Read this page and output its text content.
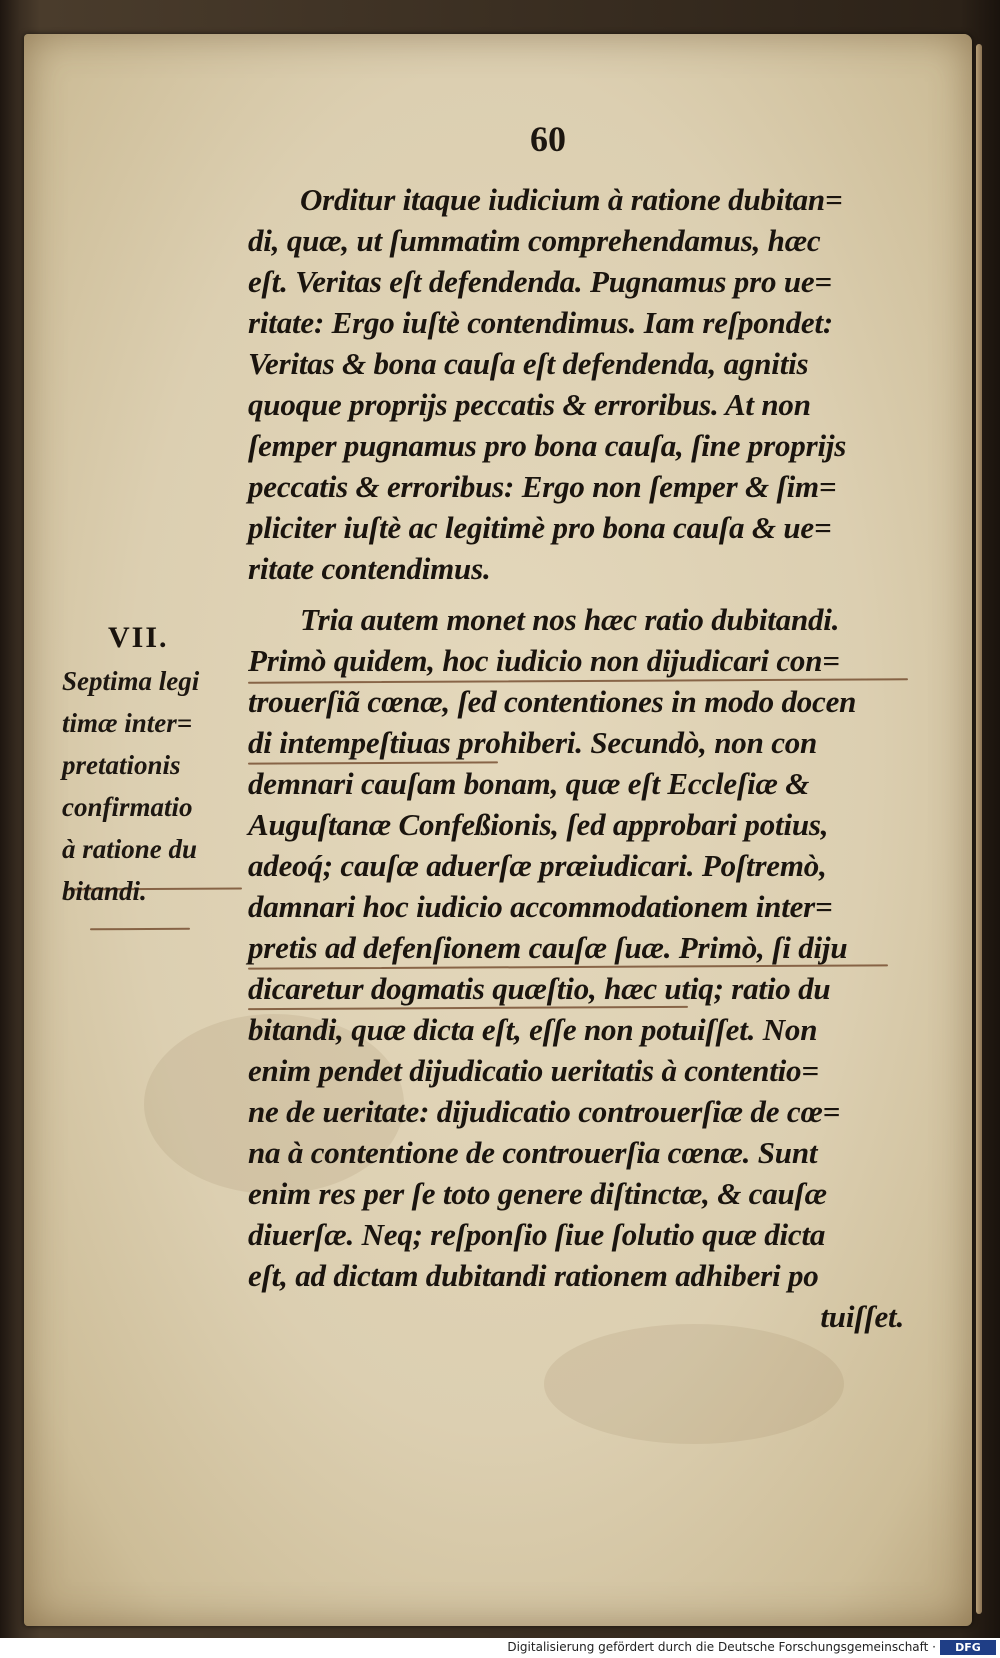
60
Orditur itaque iudicium à ratione dubitan=
di, quæ, ut ſummatim comprehendamus, hæc
eſt. Veritas eſt defendenda. Pugnamus pro ue=
ritate: Ergo iuſtè contendimus. Iam reſpondet:
Veritas & bona cauſa eſt defendenda, agnitis
quoque proprijs peccatis & erroribus. At non
ſemper pugnamus pro bona cauſa, ſine proprijs
peccatis & erroribus: Ergo non ſemper & ſim=
pliciter iuſtè ac legitimè pro bona cauſa & ue=
ritate contendimus.
Tria autem monet nos hæc ratio dubitandi.
Primò quidem, hoc iudicio non dijudicari con=
trouerſiã cœnæ, ſed contentiones in modo docen
di intempeſtiuas prohiberi. Secundò, non con
demnari cauſam bonam, quæ eſt Eccleſiæ &
Auguſtanæ Confeßionis, ſed approbari potius,
adeoq́; cauſæ aduerſæ præiudicari. Poſtremò,
damnari hoc iudicio accommodationem inter=
pretis ad defenſionem cauſæ ſuæ. Primò, ſi diju
dicaretur dogmatis quæſtio, hæc utiq; ratio du
bitandi, quæ dicta eſt, eſſe non potuiſſet. Non
enim pendet dijudicatio ueritatis à contentio=
ne de ueritate: dijudicatio controuerſiæ de cœ=
na à contentione de controuerſia cœnæ. Sunt
enim res per ſe toto genere diſtinctæ, & cauſæ
diuerſæ. Neq; reſponſio ſiue ſolutio quæ dicta
eſt, ad dictam dubitandi rationem adhiberi po
tuiſſet.
VII.
Septima legi
timæ inter=
pretationis
confirmatio
à ratione du
bitandi.
Digitalisierung gefördert durch die Deutsche Forschungsgemeinschaft ·	DFG
